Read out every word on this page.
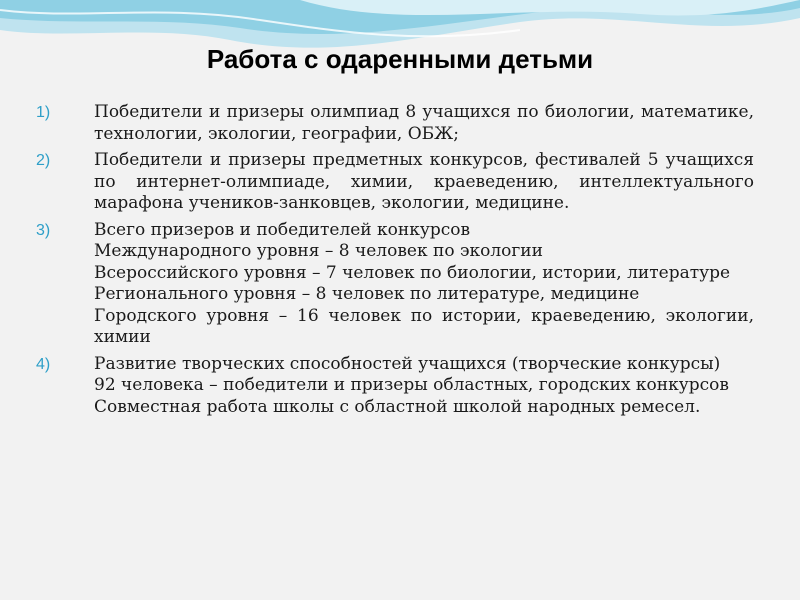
Работа с одаренными детьми
1)	Победители и призеры олимпиад 8 учащихся по биологии, математике, технологии, экологии, географии, ОБЖ;
2)	Победители и призеры предметных конкурсов, фестивалей 5 учащихся по интернет-олимпиаде, химии, краеведению, интеллектуального марафона учеников-занковцев, экологии, медицине.
3)	Всего призеров и победителей конкурсов
Международного уровня – 8 человек по экологии
Всероссийского уровня – 7 человек по биологии, истории, литературе
Регионального уровня – 8 человек по литературе, медицине
Городского уровня – 16 человек по истории, краеведению, экологии, химии
4)	Развитие творческих способностей учащихся (творческие конкурсы)
92 человека – победители и призеры областных, городских конкурсов
Совместная работа школы с областной школой народных ремесел.
